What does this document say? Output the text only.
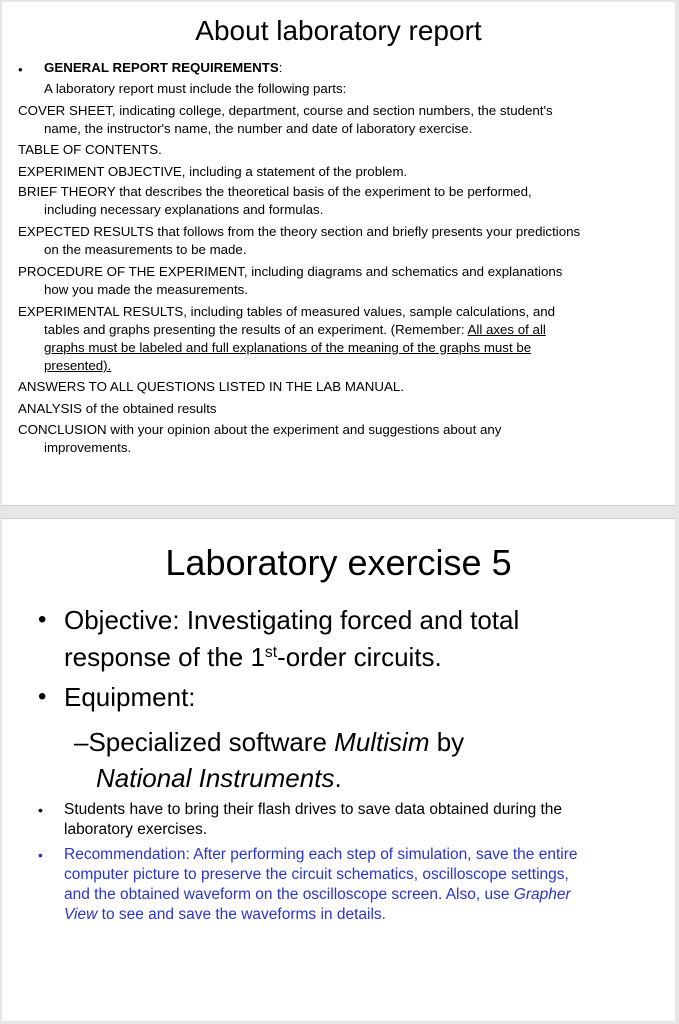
About laboratory report
• GENERAL REPORT REQUIREMENTS:
A laboratory report must include the following parts:
COVER SHEET, indicating college, department, course and section numbers, the student's
name, the instructor's name, the number and date of laboratory exercise.
TABLE OF CONTENTS.
EXPERIMENT OBJECTIVE, including a statement of the problem.
BRIEF THEORY that describes the theoretical basis of the experiment to be performed,
including necessary explanations and formulas.
EXPECTED RESULTS that follows from the theory section and briefly presents your predictions
on the measurements to be made.
PROCEDURE OF THE EXPERIMENT, including diagrams and schematics and explanations
how you made the measurements.
EXPERIMENTAL RESULTS, including tables of measured values, sample calculations, and
tables and graphs presenting the results of an experiment. (Remember: All axes of all
graphs must be labeled and full explanations of the meaning of the graphs must be
presented).
ANSWERS TO ALL QUESTIONS LISTED IN THE LAB MANUAL.
ANALYSIS of the obtained results
CONCLUSION with your opinion about the experiment and suggestions about any
improvements.
Laboratory exercise 5
• Objective: Investigating forced and total
response of the 1st-order circuits.
• Equipment:
–Specialized software Multisim by
National Instruments.
• Students have to bring their flash drives to save data obtained during the
laboratory exercises.
• Recommendation: After performing each step of simulation, save the entire
computer picture to preserve the circuit schematics, oscilloscope settings,
and the obtained waveform on the oscilloscope screen. Also, use Grapher
View to see and save the waveforms in details.
